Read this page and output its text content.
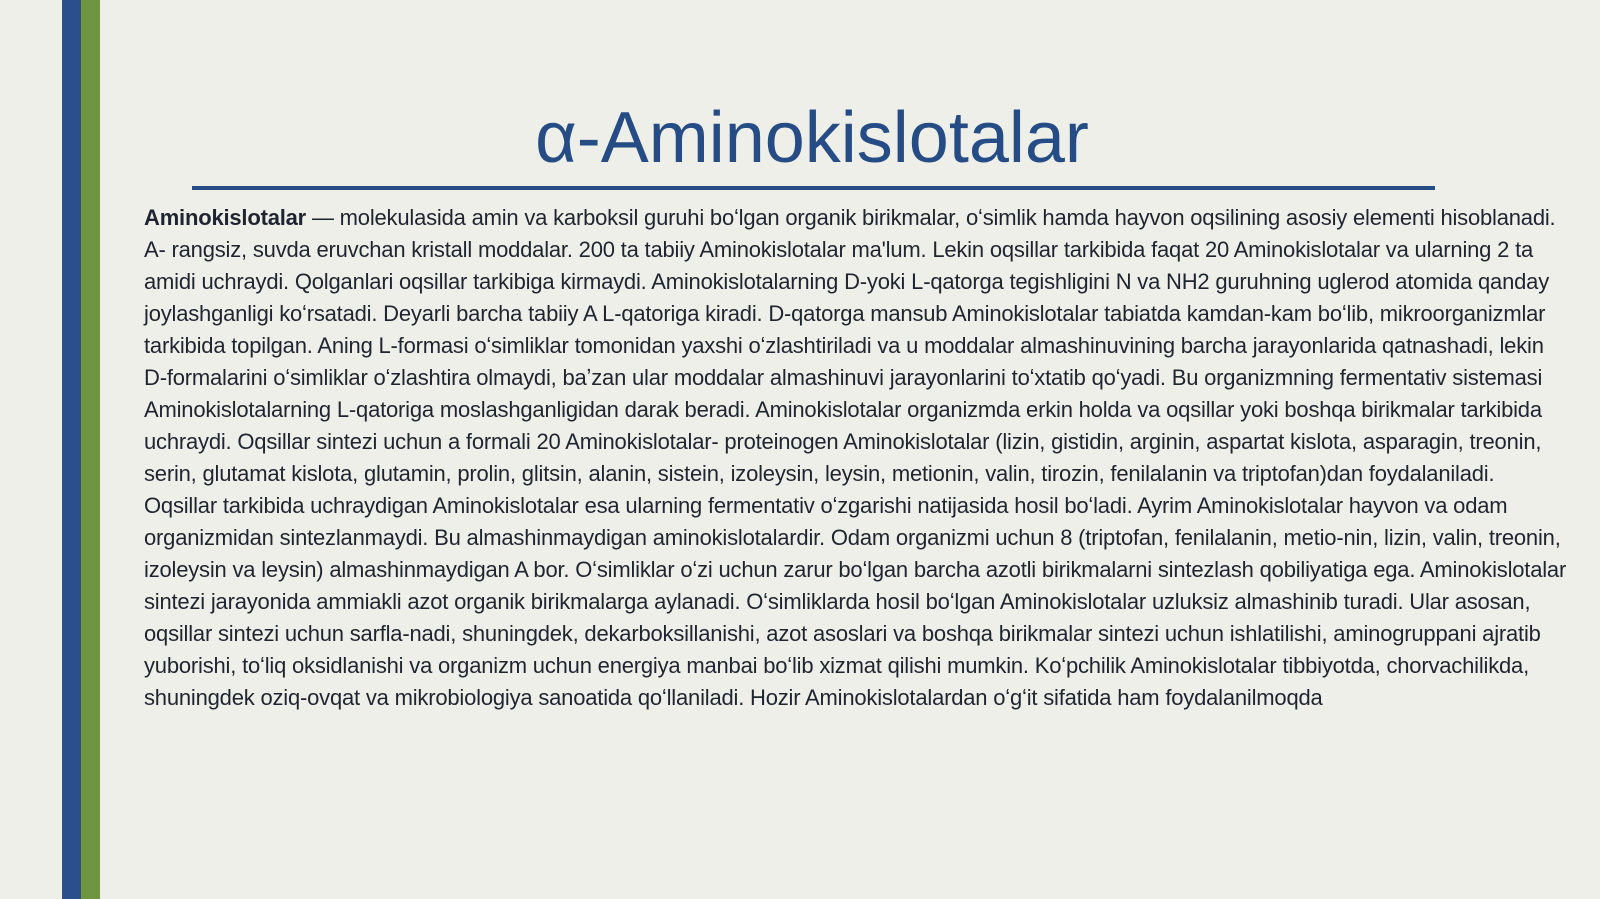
α-Aminokislotalar

Aminokislotalar — molekulasida amin va karboksil guruhi boʻlgan organik birikmalar, oʻsimlik hamda hayvon oqsilining asosiy elementi hisoblanadi. A- rangsiz, suvda eruvchan kristall moddalar. 200 ta tabiiy Aminokislotalar ma'lum. Lekin oqsillar tarkibida faqat 20 Aminokislotalar va ularning 2 ta amidi uchraydi. Qolganlari oqsillar tarkibiga kirmaydi. Aminokislotalarning D-yoki L-qatorga tegishligini N va NH2 guruhning uglerod atomida qanday joylashganligi koʻrsatadi. Deyarli barcha tabiiy A L-qatoriga kiradi. D-qatorga mansub Aminokislotalar tabiatda kamdan-kam boʻlib, mikroorganizmlar tarkibida topilgan. Aning L-formasi oʻsimliklar tomonidan yaxshi oʻzlashtiriladi va u moddalar almashinuvining barcha jarayonlarida qatnashadi, lekin D-formalarini oʻsimliklar oʻzlashtira olmaydi, baʼzan ular moddalar almashinuvi jarayonlarini toʻxtatib qoʻyadi. Bu organizmning fermentativ sistemasi Aminokislotalarning L-qatoriga moslashganligidan darak beradi. Aminokislotalar organizmda erkin holda va oqsillar yoki boshqa birikmalar tarkibida uchraydi. Oqsillar sintezi uchun a formali 20 Aminokislotalar- proteinogen Aminokislotalar (lizin, gistidin, arginin, aspartat kislota, asparagin, treonin, serin, glutamat kislota, glutamin, prolin, glitsin, alanin, sistein, izoleysin, leysin, metionin, valin, tirozin, fenilalanin va triptofan)dan foydalaniladi. Oqsillar tarkibida uchraydigan Aminokislotalar esa ularning fermentativ oʻzgarishi natijasida hosil boʻladi. Ayrim Aminokislotalar hayvon va odam organizmidan sintezlanmaydi. Bu almashinmaydigan aminokislotalardir. Odam organizmi uchun 8 (triptofan, fenilalanin, metio-nin, lizin, valin, treonin, izoleysin va leysin) almashinmaydigan A bor. Oʻsimliklar oʻzi uchun zarur boʻlgan barcha azotli birikmalarni sintezlash qobiliyatiga ega. Aminokislotalar sintezi jarayonida ammiakli azot organik birikmalarga aylanadi. Oʻsimliklarda hosil boʻlgan Aminokislotalar uzluksiz almashinib turadi. Ular asosan, oqsillar sintezi uchun sarfla-nadi, shuningdek, dekarboksillanishi, azot asoslari va boshqa birikmalar sintezi uchun ishlatilishi, aminogruppani ajratib yuborishi, toʻliq oksidlanishi va organizm uchun energiya manbai boʻlib xizmat qilishi mumkin. Koʻpchilik Aminokislotalar tibbiyotda, chorvachilikda, shuningdek oziq-ovqat va mikrobiologiya sanoatida qoʻllaniladi. Hozir Aminokislotalardan oʻgʻit sifatida ham foydalanilmoqda
